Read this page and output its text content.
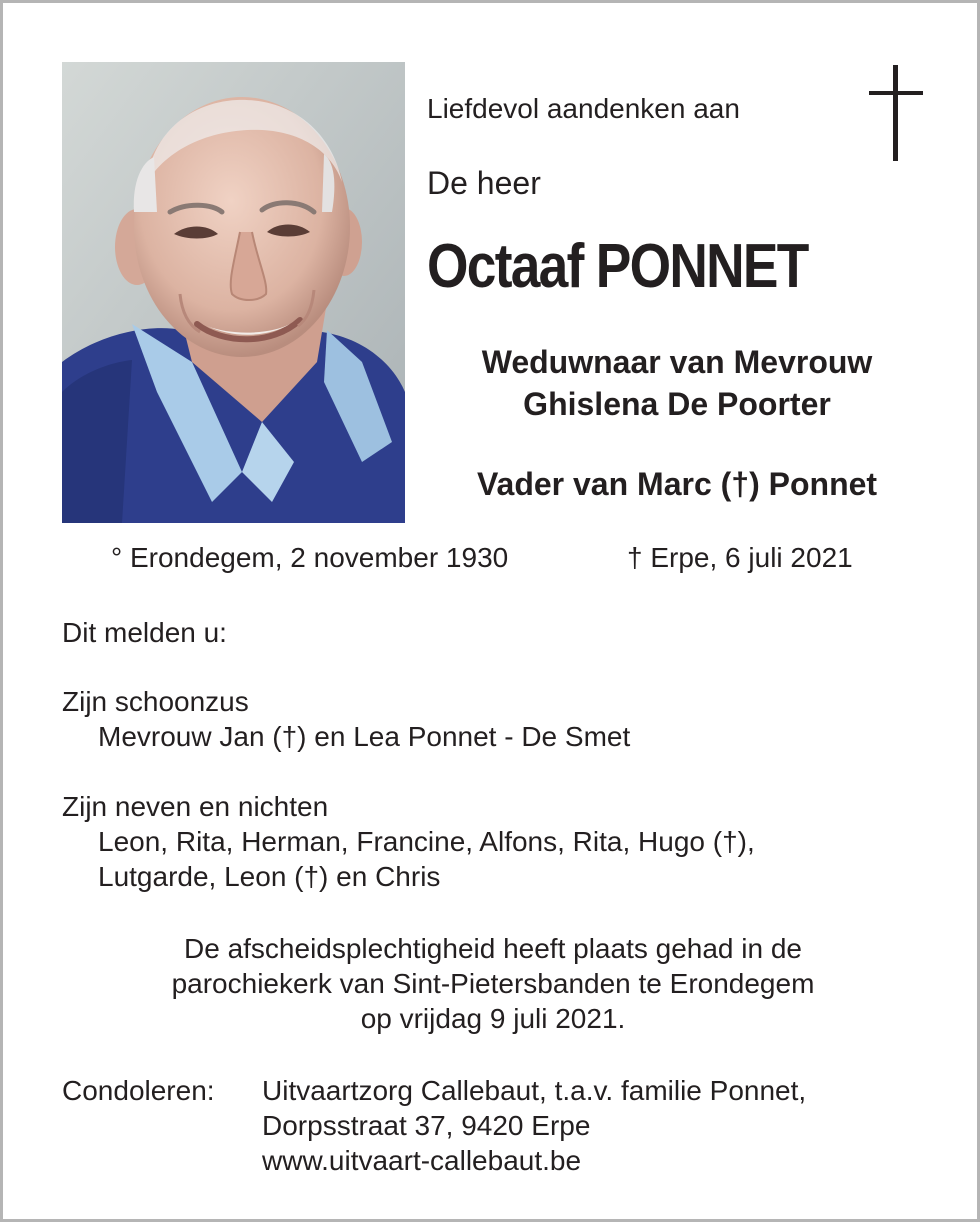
Liefdevol aandenken aan
De heer
Octaaf PONNET
Weduwnaar van Mevrouw
Ghislena De Poorter
Vader van Marc (†) Ponnet
° Erondegem, 2 november 1930	† Erpe, 6 juli 2021
Dit melden u:
Zijn schoonzus
Mevrouw Jan (†) en Lea Ponnet - De Smet
Zijn neven en nichten
Leon, Rita, Herman, Francine, Alfons, Rita, Hugo (†),
Lutgarde, Leon (†) en Chris
De afscheidsplechtigheid heeft plaats gehad in de
parochiekerk van Sint-Pietersbanden te Erondegem
op vrijdag 9 juli 2021.
Condoleren: Uitvaartzorg Callebaut, t.a.v. familie Ponnet,
Dorpsstraat 37, 9420 Erpe
www.uitvaart-callebaut.be
